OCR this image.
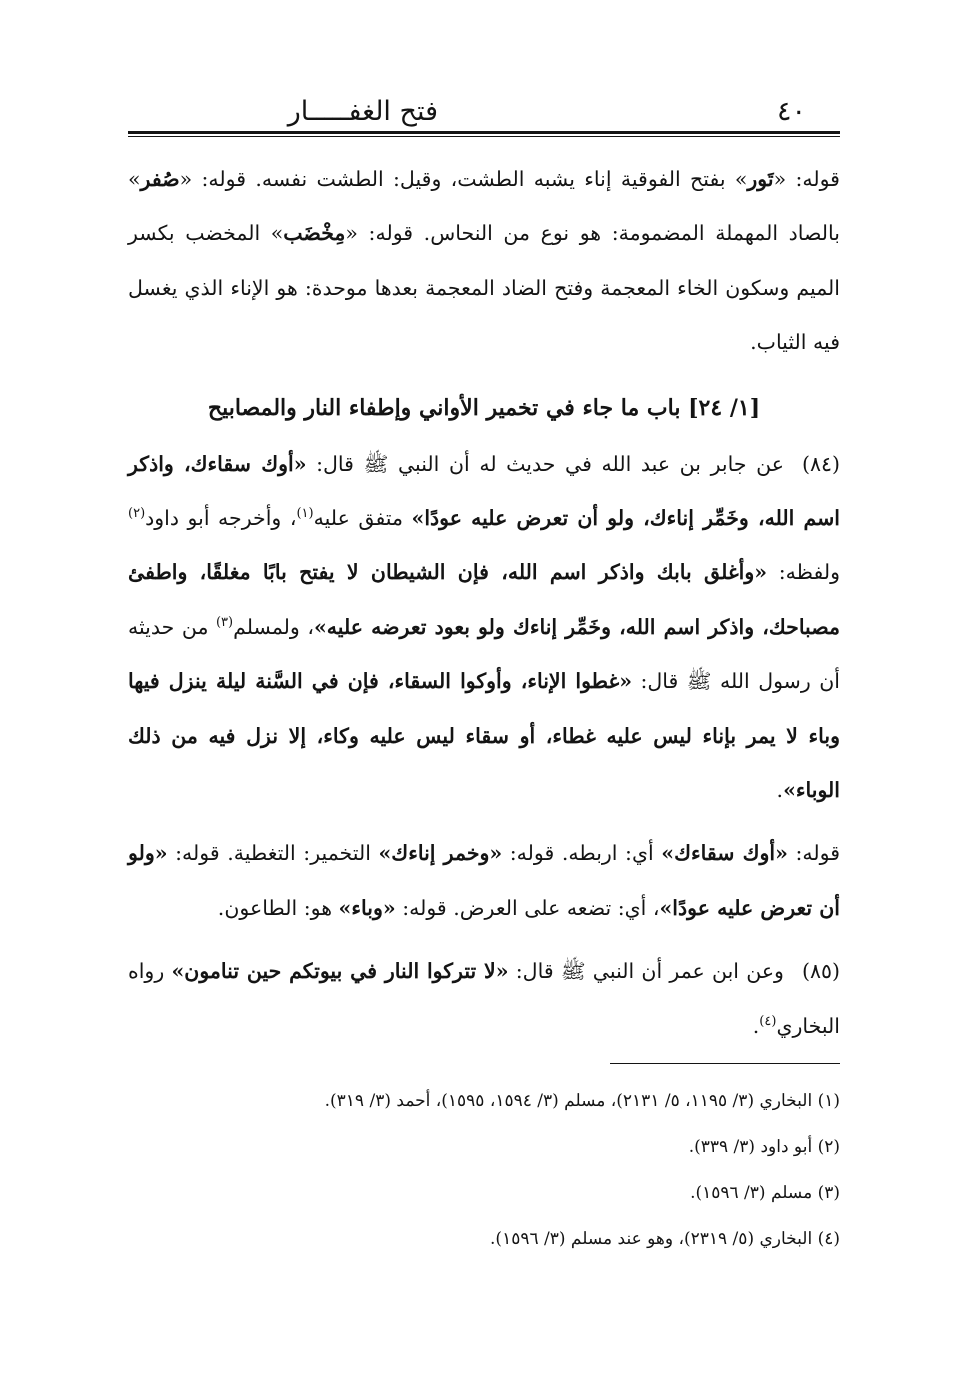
٤٠
فتح الغفـــــار

قوله: «تَور» بفتح الفوقية إناء يشبه الطشت، وقيل: الطشت نفسه. قوله: «صُفر» بالصاد المهملة المضمومة: هو نوع من النحاس. قوله: «مِخْضَب» المخضب بكسر الميم وسكون الخاء المعجمة وفتح الضاد المعجمة بعدها موحدة: هو الإناء الذي يغسل فيه الثياب.

[١/ ٢٤] باب ما جاء في تخمير الأواني وإطفاء النار والمصابيح

(٨٤)عن جابر بن عبد الله في حديث له أن النبي ﷺ قال: «أوك سقاءك، واذكر اسم الله، وخَمِّر إناءك، ولو أن تعرض عليه عودًا» متفق عليه$^{(١)}$، وأخرجه أبو داود$^{(٢)}$ ولفظه: «وأغلق بابك واذكر اسم الله، فإن الشيطان لا يفتح بابًا مغلقًا، واطفئ مصباحك، واذكر اسم الله، وخَمِّر إناءك ولو بعود تعرضه عليه»، ولمسلم$^{(٣)}$ من حديثه أن رسول الله ﷺ قال: «غطوا الإناء، وأوكوا السقاء، فإن في السَّنة ليلة ينزل فيها وباء لا يمر بإناء ليس عليه غطاء، أو سقاء ليس عليه وكاء، إلا نزل فيه من ذلك الوباء».

قوله: «أوك سقاءك» أي: اربطه. قوله: «وخمر إناءك» التخمير: التغطية. قوله: «ولو أن تعرض عليه عودًا»، أي: تضعه على العرض. قوله: «وباء» هو: الطاعون.

(٨٥)وعن ابن عمر أن النبي ﷺ قال: «لا تتركوا النار في بيوتكم حين تنامون» رواه البخاري$^{(٤)}$.

(١) البخاري (٣/ ١١٩٥، ٥/ ٢١٣١)، مسلم (٣/ ١٥٩٤، ١٥٩٥)، أحمد (٣/ ٣١٩).

(٢) أبو داود (٣/ ٣٣٩).

(٣) مسلم (٣/ ١٥٩٦).

(٤) البخاري (٥/ ٢٣١٩)، وهو عند مسلم (٣/ ١٥٩٦).
